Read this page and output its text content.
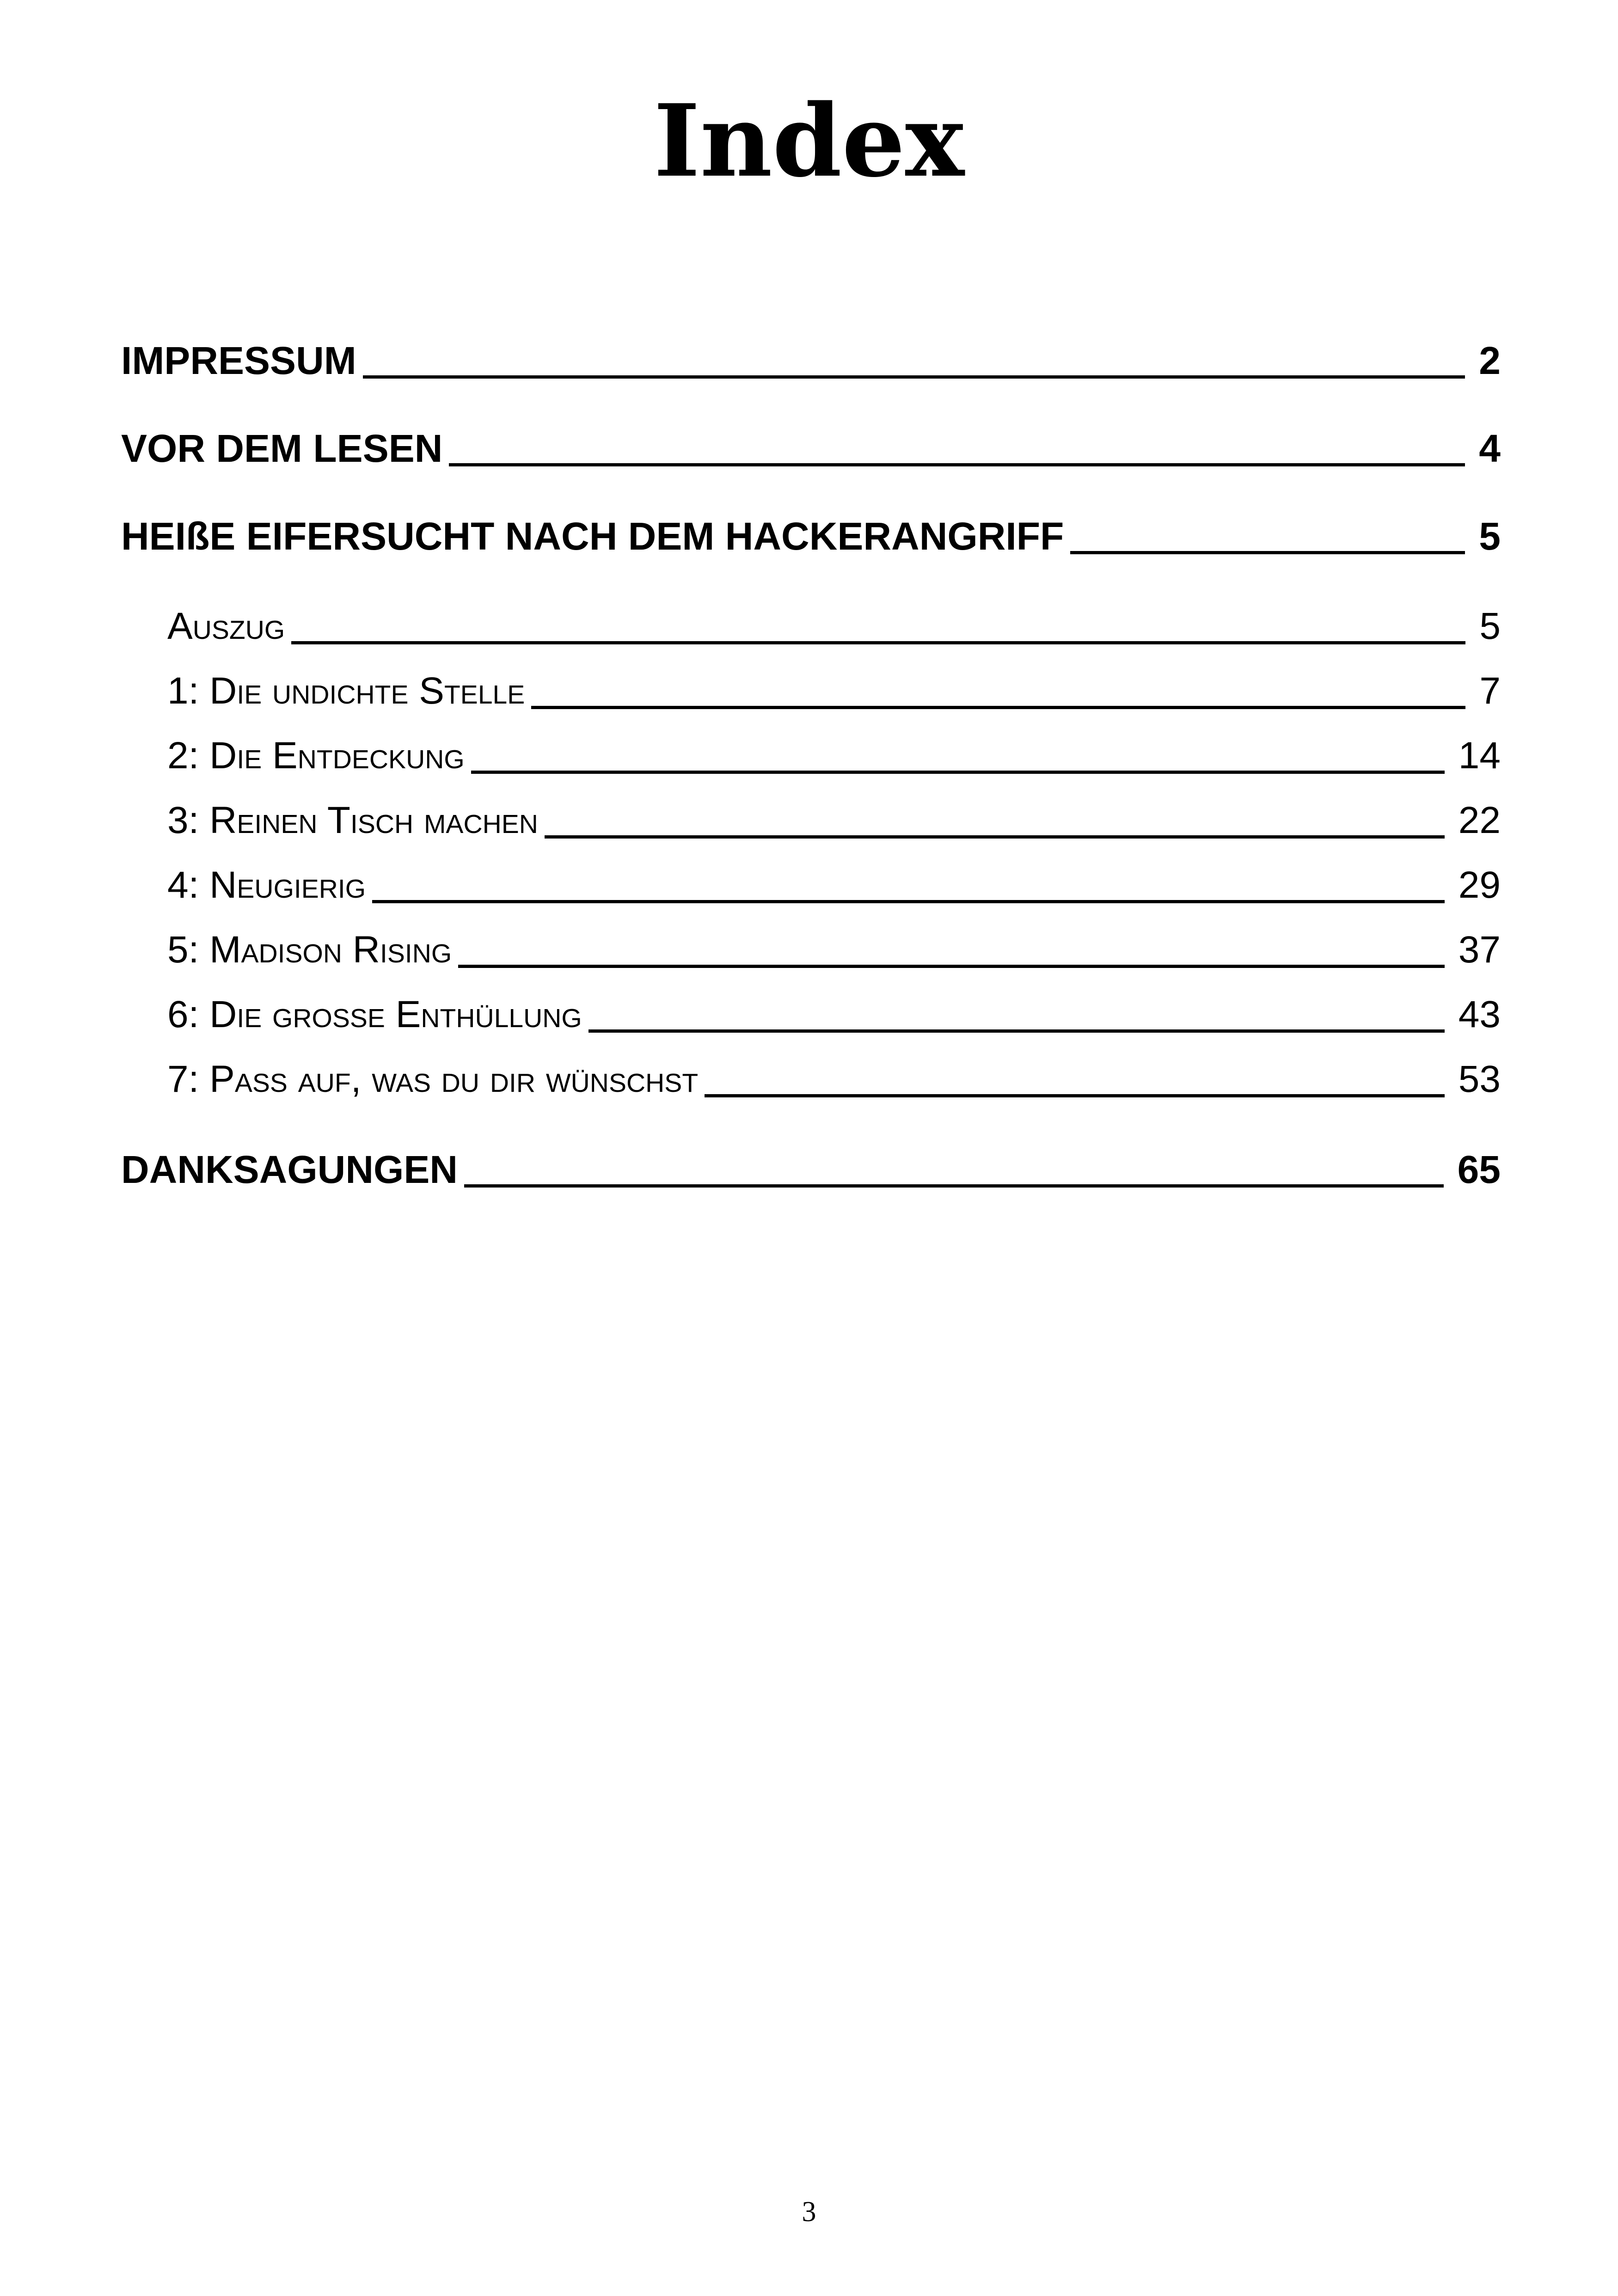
Index
IMPRESSUM	2
VOR DEM LESEN	4
HEIßE EIFERSUCHT NACH DEM HACKERANGRIFF	5
Auszug	5
1: Die undichte Stelle	7
2: Die Entdeckung	14
3: Reinen Tisch machen	22
4: Neugierig	29
5: Madison Rising	37
6: Die große Enthüllung	43
7: Pass auf, was du dir wünschst	53
DANKSAGUNGEN	65
3
